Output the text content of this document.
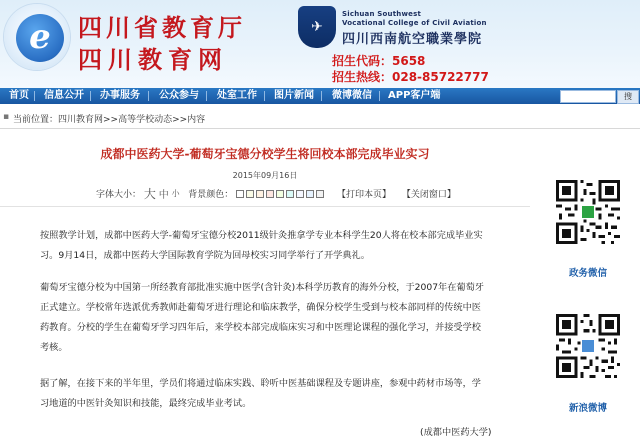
e	四川省教育厅
四川教育网
✈
Sichuan Southwest
Vocational College of Civil Aviation
四川西南航空職業學院
招生代码：5658
招生热线：028-85722777
首页 信息公开 办事服务 公众参与 处室工作 图片新闻 微博微信 APP客户端	搜
▪ 当前位置：四川教育网>>高等学校动态>>内容
成都中医药大学-葡萄牙宝德分校学生将回校本部完成毕业实习
2015年09月16日
字体大小： 大 中 小 背景颜色：	【打印本页】 【关闭窗口】

按照教学计划，成都中医药大学-葡萄牙宝德分校2011级针灸推拿学专业本科学生20人将在校本部完成毕业实习。9月14日，成都中医药大学国际教育学院为回母校实习同学举行了开学典礼。

葡萄牙宝德分校为中国第一所经教育部批准实施中医学(含针灸)本科学历教育的海外分校，于2007年在葡萄牙正式建立。学校常年选派优秀教师赴葡萄牙进行理论和临床教学，确保分校学生受到与校本部同样的传统中医药教育。分校的学生在葡萄牙学习四年后，来学校本部完成临床实习和中医理论课程的强化学习，并接受学校考核。

据了解，在接下来的半年里，学员们将通过临床实践、聆听中医基础课程及专题讲座，参观中药材市场等，学习地道的中医针灸知识和技能，最终完成毕业考试。

(成都中医药大学)
政务微信
新浪微博
